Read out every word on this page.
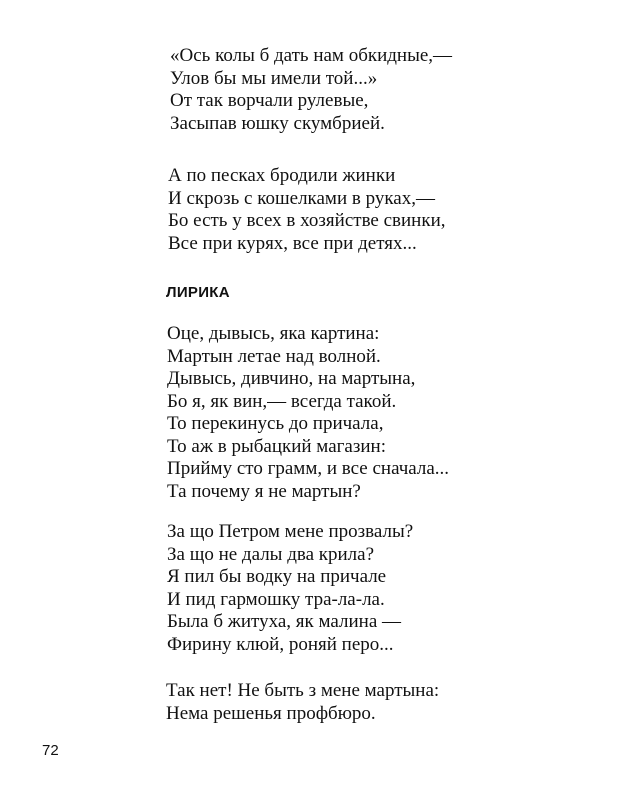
«Ось колы б дать нам обкидные,—
Улов бы мы имели той...»
От так ворчали рулевые,
Засыпав юшку скумбрией.
А по песках бродили жинки
И скрозь с кошелками в руках,—
Бо есть у всех в хозяйстве свинки,
Все при курях, все при детях...
ЛИРИКА
Оце, дывысь, яка картина:
Мартын летае над волной.
Дывысь, дивчино, на мартына,
Бо я, як вин,— всегда такой.
То перекинусь до причала,
То аж в рыбацкий магазин:
Прийму сто грамм, и все сначала...
Та почему я не мартын?
За що Петром мене прозвалы?
За що не далы два крила?
Я пил бы водку на причале
И пид гармошку тра-ла-ла.
Была б житуха, як малина —
Фирину клюй, роняй перо...
Так нет! Не быть з мене мартына:
Нема решенья профбюро.

72
